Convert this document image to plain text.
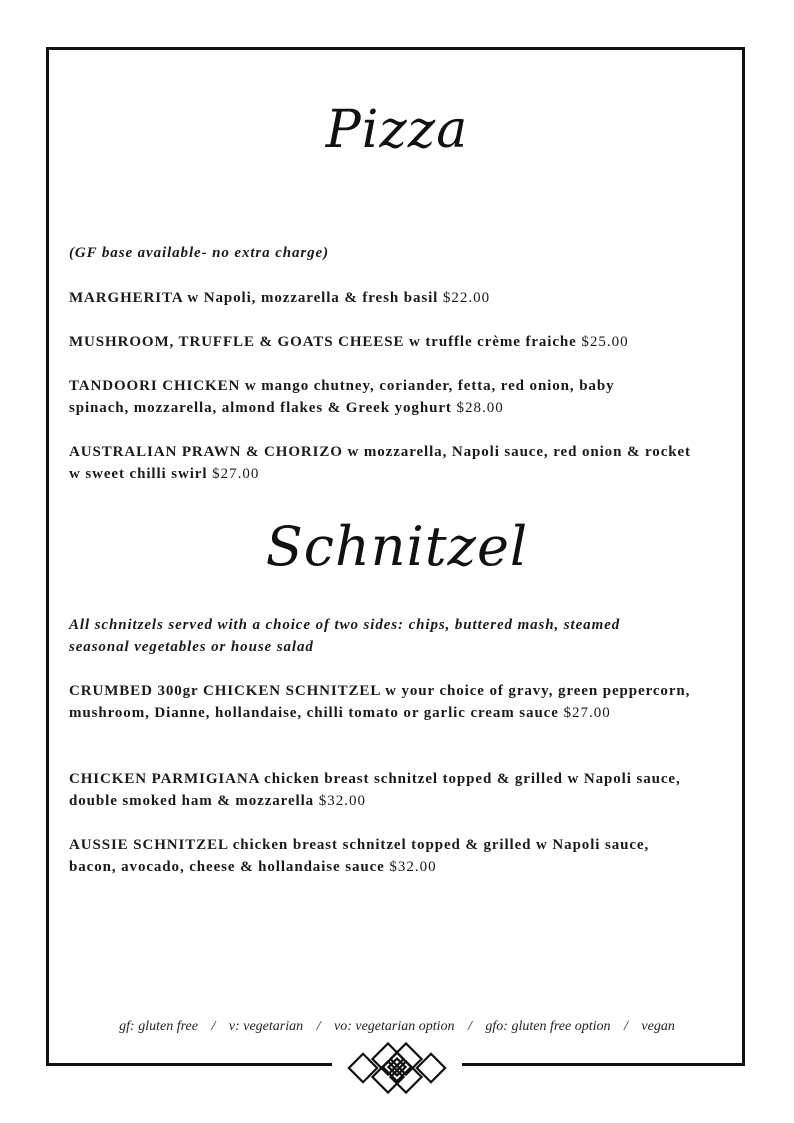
Pizza
(GF base available- no extra charge)
MARGHERITA w Napoli, mozzarella & fresh basil $22.00
MUSHROOM, TRUFFLE & GOATS CHEESE w truffle crème fraiche $25.00
TANDOORI CHICKEN w mango chutney, coriander, fetta, red onion, baby spinach, mozzarella, almond flakes & Greek yoghurt $28.00
AUSTRALIAN PRAWN & CHORIZO w mozzarella, Napoli sauce, red onion & rocket w sweet chilli swirl $27.00
Schnitzel
All schnitzels served with a choice of two sides: chips, buttered mash, steamed seasonal vegetables or house salad
CRUMBED 300gr CHICKEN SCHNITZEL w your choice of gravy, green peppercorn, mushroom, Dianne, hollandaise, chilli tomato or garlic cream sauce $27.00
CHICKEN PARMIGIANA chicken breast schnitzel topped & grilled w Napoli sauce, double smoked ham & mozzarella $32.00
AUSSIE SCHNITZEL chicken breast schnitzel topped & grilled w Napoli sauce, bacon, avocado, cheese & hollandaise sauce $32.00
gf: gluten free / v: vegetarian / vo: vegetarian option / gfo: gluten free option / vegan
